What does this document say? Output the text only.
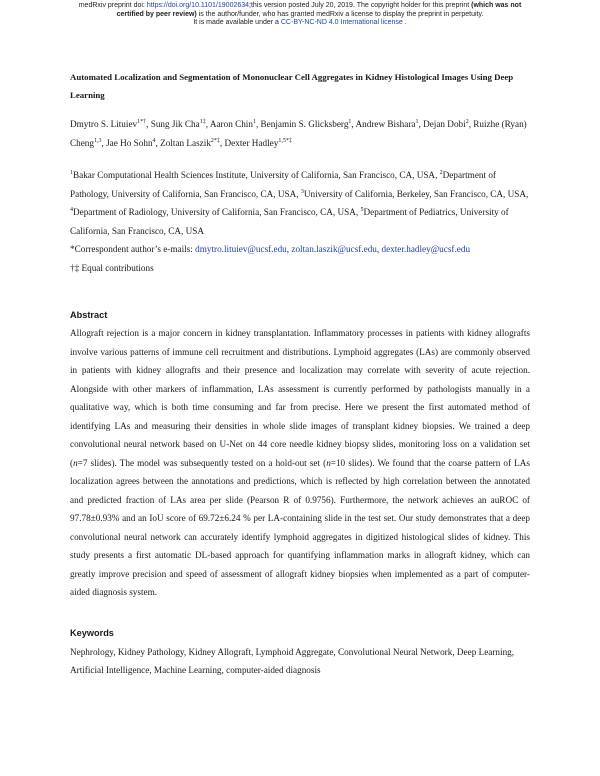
medRxiv preprint doi: https://doi.org/10.1101/19002634;this version posted July 20, 2019. The copyright holder for this preprint (which was not
certified by peer review) is the author/funder, who has granted medRxiv a license to display the preprint in perpetuity.
It is made available under a CC-BY-NC-ND 4.0 International license .
Automated Localization and Segmentation of Mononuclear Cell Aggregates in Kidney Histological Images Using Deep Learning
Dmytro S. Lituiev$^{1*\dagger}$, Sung Jik Cha$^{1\ddagger}$, Aaron Chin$^1$, Benjamin S. Glicksberg$^1$, Andrew Bishara$^1$, Dejan Dobi$^2$, Ruizhe (Ryan) Cheng$^{1,3}$, Jae Ho Sohn$^4$, Zoltan Laszik$^{2*\ddagger}$, Dexter Hadley$^{1,5*\ddagger}$
$^1$Bakar Computational Health Sciences Institute, University of California, San Francisco, CA, USA, $^2$Department of Pathology, University of California, San Francisco, CA, USA, $^3$University of California, Berkeley, San Francisco, CA, USA, $^4$Department of Radiology, University of California, San Francisco, CA, USA, $^5$Department of Pediatrics, University of California, San Francisco, CA, USA
*Correspondent author’s e-mails: dmytro.lituiev@ucsf.edu, zoltan.laszik@ucsf.edu, dexter.hadley@ucsf.edu
†‡ Equal contributions
Abstract

Allograft rejection is a major concern in kidney transplantation. Inflammatory processes in patients with kidney allografts involve various patterns of immune cell recruitment and distributions. Lymphoid aggregates (LAs) are commonly observed in patients with kidney allografts and their presence and localization may correlate with severity of acute rejection. Alongside with other markers of inflammation, LAs assessment is currently performed by pathologists manually in a qualitative way, which is both time consuming and far from precise. Here we present the first automated method of identifying LAs and measuring their densities in whole slide images of transplant kidney biopsies. We trained a deep convolutional neural network based on U-Net on 44 core needle kidney biopsy slides, monitoring loss on a validation set (n=7 slides). The model was subsequently tested on a hold-out set (n=10 slides). We found that the coarse pattern of LAs localization agrees between the annotations and predictions, which is reflected by high correlation between the annotated and predicted fraction of LAs area per slide (Pearson R of 0.9756). Furthermore, the network achieves an auROC of 97.78±0.93% and an IoU score of 69.72±6.24 % per LA-containing slide in the test set. Our study demonstrates that a deep convolutional neural network can accurately identify lymphoid aggregates in digitized histological slides of kidney. This study presents a first automatic DL-based approach for quantifying inflammation marks in allograft kidney, which can greatly improve precision and speed of assessment of allograft kidney biopsies when implemented as a part of computer-aided diagnosis system.

Keywords

Nephrology, Kidney Pathology, Kidney Allograft, Lymphoid Aggregate, Convolutional Neural Network, Deep Learning, Artificial Intelligence, Machine Learning, computer-aided diagnosis
